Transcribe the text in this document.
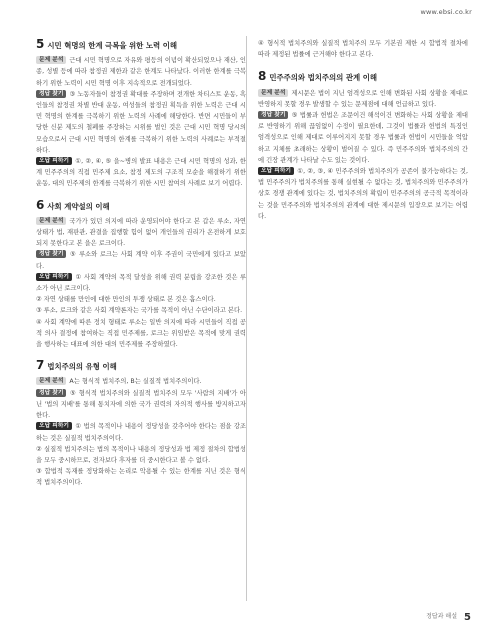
www.ebsi.co.kr
5 시민 혁명의 한계 극복을 위한 노력 이해

문제 분석 근대 시민 혁명으로 자유와 평등의 이념이 확산되었으나 재산, 인종, 성별 등에 따라 참정권 제한과 같은 한계도 나타났다. 이러한 한계를 극복하기 위한 노력이 시민 혁명 이후 지속적으로 전개되었다.

정답 찾기 ③ 노동자들이 참정권 확대를 주장하며 전개한 차티스트 운동, 흑인들의 참정권 차별 반대 운동, 여성들의 참정권 획득을 위한 노력은 근대 시민 혁명의 한계를 극복하기 위한 노력의 사례에 해당한다. 반면 시민들이 부당한 신분 제도의 철폐를 주장하는 시위를 벌인 것은 근대 시민 혁명 당시의 모습으로서 근대 시민 혁명의 한계를 극복하기 위한 노력의 사례로는 부적절하다.

오답 피하기 ①, ②, ④, ⑤ 을~병의 발표 내용은 근대 시민 혁명의 성과, 한계 민주주의의 직접 민주제 요소, 참정 제도의 구조적 모순을 해결하기 위한 운동, 대의 민주제의 한계를 극복하기 위한 시민 참여의 사례로 보기 어렵다.

6 사회 계약설의 이해

문제 분석 국가가 있던 의지에 따라 운영되어야 한다고 본 갑은 루소, 자연 상태가 법, 재판관, 관결을 집행할 힘이 없어 개인들의 권리가 온전하게 보호되지 못한다고 본 을은 로크이다.

정답 찾기 ⑤ 루소와 로크는 사회 계약 이후 주권이 국민에게 있다고 보았다.

오답 피하기 ① 사회 계약의 목적 달성을 위해 권력 분립을 강조한 것은 루소가 아닌 로크이다.

② 자연 상태를 만인에 대한 만인의 투쟁 상태로 본 것은 홉스이다.

③ 루소, 로크와 같은 사회 계약론자는 국가를 목적이 아닌 수단이라고 본다.

④ 사회 계약에 따른 정치 형태로 루소는 일반 의지에 따라 시민들이 직접 공적 의사 결정에 참여하는 직접 민주제를, 로크는 위임받은 목적에 맞게 권력을 행사하는 대표에 의한 대의 민주제를 주장하였다.

7 법치주의의 유형 이해

문제 분석 A는 형식적 법치주의, B는 실질적 법치주의이다.

정답 찾기 ⑤ 형식적 법치주의와 실질적 법치주의 모두 '사람의 지배'가 아닌 '법의 지배'를 통해 통치자에 의한 국가 권력의 자의적 행사를 방지하고자 한다.

오답 피하기 ① 법의 목적이나 내용이 정당성을 갖추어야 한다는 점을 강조하는 것은 실질적 법치주의이다.

② 실질적 법치주의는 법의 목적이나 내용의 정당성과 법 제정 절차의 합법성을 모두 중시하므로, 전자보다 후자를 더 중시한다고 볼 수 없다.

③ 합법적 독재를 정당화하는 논리로 악용될 수 있는 한계를 지닌 것은 형식적 법치주의이다.

④ 형식적 법치주의와 실질적 법치주의 모두 기본권 제한 시 합법적 절차에 따라 제정된 법률에 근거해야 한다고 본다.

8 민주주의와 법치주의의 관계 이해

문제 분석 제시문은 법이 지닌 엄격성으로 인해 변화된 사회 상황을 제대로 반영하지 못할 경우 발생할 수 있는 문제점에 대해 언급하고 있다.

정답 찾기 ⑤ 법률과 헌법은 조문이건 해석이건 변화하는 사회 상황을 제대로 반영하기 위해 끊임없이 수정이 필요한데, 그것이 법률과 헌법의 특징인 엄격성으로 인해 제대로 이루어지지 못할 경우 법률과 헌법이 시민들을 억압하고 지체를 초래하는 상황이 벌어질 수 있다. 즉 민주주의와 법치주의의 간에 긴장 관계가 나타날 수도 있는 것이다.

오답 피하기 ①, ②, ③, ④ 민주주의와 법치주의가 공존이 불가능하다는 것, 법 민주주의가 법치주의를 통해 실현될 수 없다는 것, 법치주의와 민주주의가 상호 경쟁 관계에 있다는 것, 법치주의의 확립이 민주주의의 공극적 목적이라는 것을 민주주의와 법치주의의 관계에 대한 제시문의 입장으로 보기는 어렵다.

정답과 해설 5
